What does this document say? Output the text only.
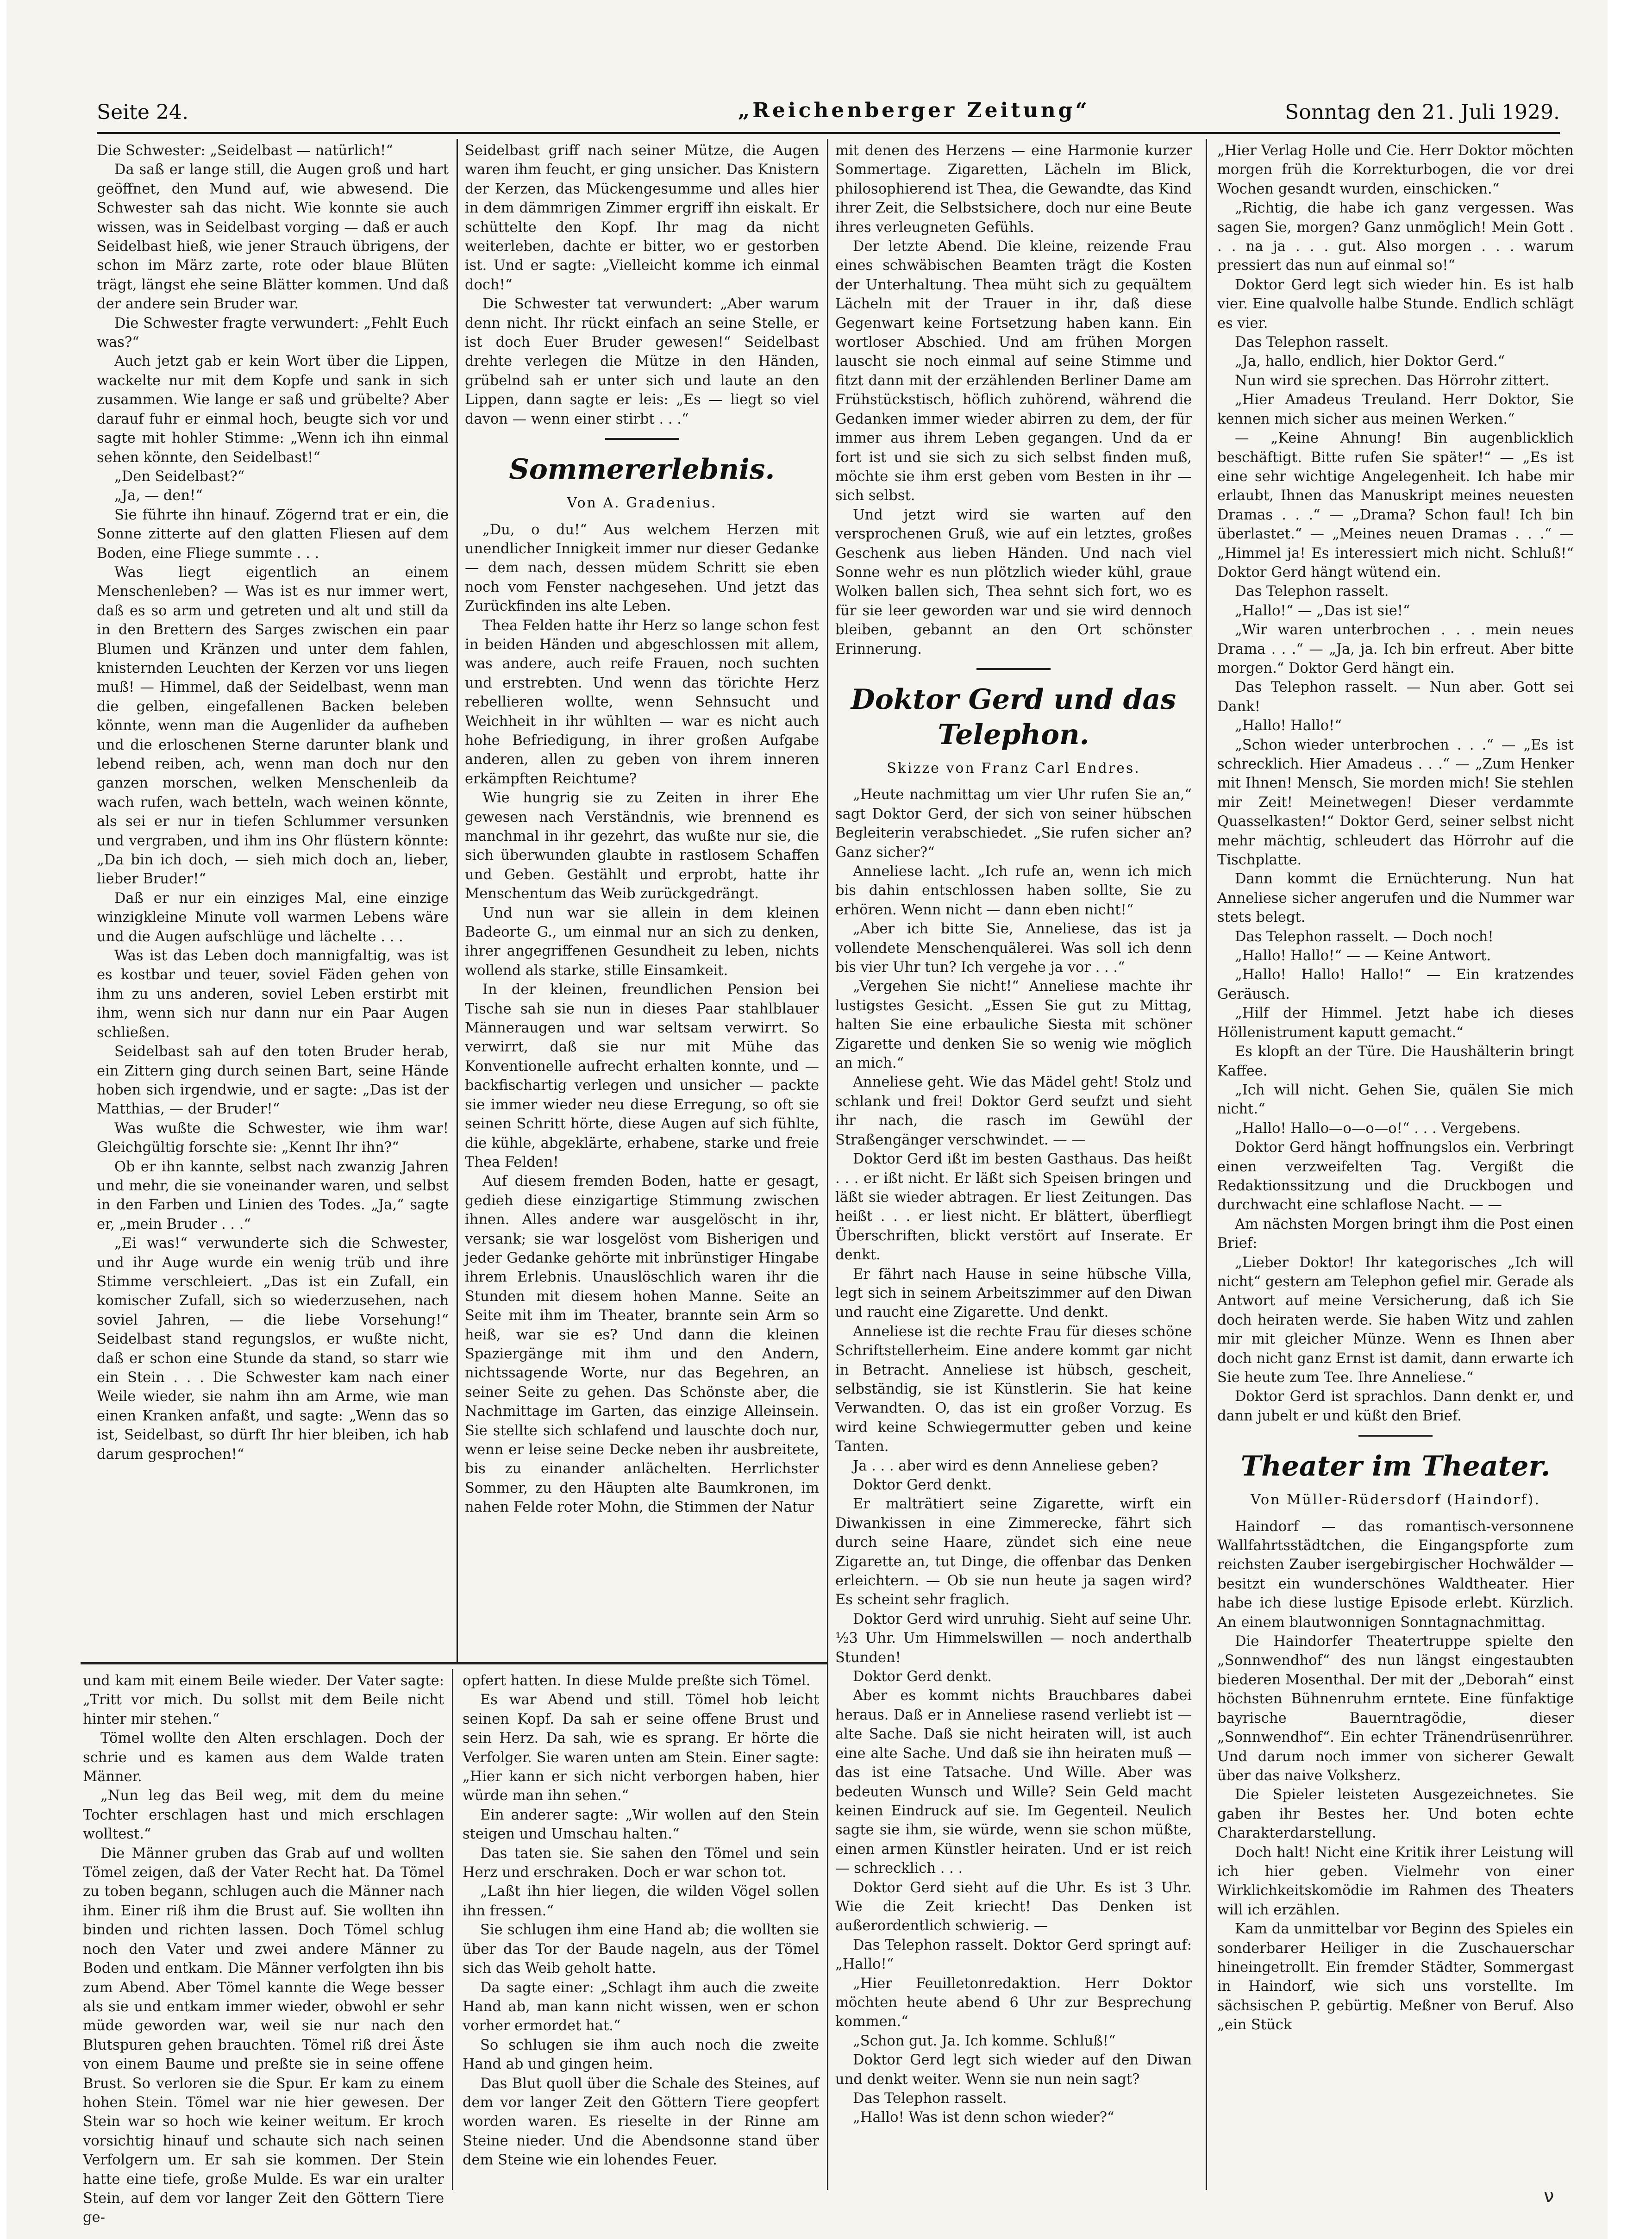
Seite 24.	„Reichenberger Zeitung“	Sonntag den 21. Juli 1929.

Die Schwester: „Seidelbast — natürlich!“

Da saß er lange still, die Augen groß und hart geöffnet, den Mund auf, wie abwesend. Die Schwester sah das nicht. Wie konnte sie auch wissen, was in Seidelbast vorging — daß er auch Seidelbast hieß, wie jener Strauch übrigens, der schon im März zarte, rote oder blaue Blüten trägt, längst ehe seine Blätter kommen. Und daß der andere sein Bruder war.

Die Schwester fragte verwundert: „Fehlt Euch was?“

Auch jetzt gab er kein Wort über die Lippen, wackelte nur mit dem Kopfe und sank in sich zusammen. Wie lange er saß und grübelte? Aber darauf fuhr er einmal hoch, beugte sich vor und sagte mit hohler Stimme: „Wenn ich ihn einmal sehen könnte, den Seidelbast!“

„Den Seidelbast?“

„Ja, — den!“

Sie führte ihn hinauf. Zögernd trat er ein, die Sonne zitterte auf den glatten Fliesen auf dem Boden, eine Fliege summte . . .

Was liegt eigentlich an einem Menschenleben? — Was ist es nur immer wert, daß es so arm und getreten und alt und still da in den Brettern des Sarges zwischen ein paar Blumen und Kränzen und unter dem fahlen, knisternden Leuchten der Kerzen vor uns liegen muß! — Himmel, daß der Seidelbast, wenn man die gelben, eingefallenen Backen beleben könnte, wenn man die Augenlider da aufheben und die erloschenen Sterne darunter blank und lebend reiben, ach, wenn man doch nur den ganzen morschen, welken Menschenleib da wach rufen, wach betteln, wach weinen könnte, als sei er nur in tiefen Schlummer versunken und vergraben, und ihm ins Ohr flüstern könnte: „Da bin ich doch, — sieh mich doch an, lieber, lieber Bruder!“

Daß er nur ein einziges Mal, eine einzige winzigkleine Minute voll warmen Lebens wäre und die Augen aufschlüge und lächelte . . .

Was ist das Leben doch mannigfaltig, was ist es kostbar und teuer, soviel Fäden gehen von ihm zu uns anderen, soviel Leben erstirbt mit ihm, wenn sich nur dann nur ein Paar Augen schließen.

Seidelbast sah auf den toten Bruder herab, ein Zittern ging durch seinen Bart, seine Hände hoben sich irgendwie, und er sagte: „Das ist der Matthias, — der Bruder!“

Was wußte die Schwester, wie ihm war! Gleichgültig forschte sie: „Kennt Ihr ihn?“

Ob er ihn kannte, selbst nach zwanzig Jahren und mehr, die sie voneinander waren, und selbst in den Farben und Linien des Todes. „Ja,“ sagte er, „mein Bruder . . .“

„Ei was!“ verwunderte sich die Schwester, und ihr Auge wurde ein wenig trüb und ihre Stimme verschleiert. „Das ist ein Zufall, ein komischer Zufall, sich so wiederzusehen, nach soviel Jahren, — die liebe Vorsehung!“ Seidelbast stand regungslos, er wußte nicht, daß er schon eine Stunde da stand, so starr wie ein Stein . . . Die Schwester kam nach einer Weile wieder, sie nahm ihn am Arme, wie man einen Kranken anfaßt, und sagte: „Wenn das so ist, Seidelbast, so dürft Ihr hier bleiben, ich hab darum gesprochen!“

Seidelbast griff nach seiner Mütze, die Augen waren ihm feucht, er ging unsicher. Das Knistern der Kerzen, das Mückengesumme und alles hier in dem dämmrigen Zimmer ergriff ihn eiskalt. Er schüttelte den Kopf. Ihr mag da nicht weiterleben, dachte er bitter, wo er gestorben ist. Und er sagte: „Vielleicht komme ich einmal doch!“

Die Schwester tat verwundert: „Aber warum denn nicht. Ihr rückt einfach an seine Stelle, er ist doch Euer Bruder gewesen!“ Seidelbast drehte verlegen die Mütze in den Händen, grübelnd sah er unter sich und laute an den Lippen, dann sagte er leis: „Es — liegt so viel davon — wenn einer stirbt . . .“

Sommererlebnis.
Von A. Gradenius.

„Du, o du!“ Aus welchem Herzen mit unendlicher Innigkeit immer nur dieser Gedanke — dem nach, dessen müdem Schritt sie eben noch vom Fenster nachgesehen. Und jetzt das Zurückfinden ins alte Leben.

Thea Felden hatte ihr Herz so lange schon fest in beiden Händen und abgeschlossen mit allem, was andere, auch reife Frauen, noch suchten und erstrebten. Und wenn das törichte Herz rebellieren wollte, wenn Sehnsucht und Weichheit in ihr wühlten — war es nicht auch hohe Befriedigung, in ihrer großen Aufgabe anderen, allen zu geben von ihrem inneren erkämpften Reichtume?

Wie hungrig sie zu Zeiten in ihrer Ehe gewesen nach Verständnis, wie brennend es manchmal in ihr gezehrt, das wußte nur sie, die sich überwunden glaubte in rastlosem Schaffen und Geben. Gestählt und erprobt, hatte ihr Menschentum das Weib zurückgedrängt.

Und nun war sie allein in dem kleinen Badeorte G., um einmal nur an sich zu denken, ihrer angegriffenen Gesundheit zu leben, nichts wollend als starke, stille Einsamkeit.

In der kleinen, freundlichen Pension bei Tische sah sie nun in dieses Paar stahlblauer Männeraugen und war seltsam verwirrt. So verwirrt, daß sie nur mit Mühe das Konventionelle aufrecht erhalten konnte, und — backfischartig verlegen und unsicher — packte sie immer wieder neu diese Erregung, so oft sie seinen Schritt hörte, diese Augen auf sich fühlte, die kühle, abgeklärte, erhabene, starke und freie Thea Felden!

Auf diesem fremden Boden, hatte er gesagt, gedieh diese einzigartige Stimmung zwischen ihnen. Alles andere war ausgelöscht in ihr, versank; sie war losgelöst vom Bisherigen und jeder Gedanke gehörte mit inbrünstiger Hingabe ihrem Erlebnis. Unauslöschlich waren ihr die Stunden mit diesem hohen Manne. Seite an Seite mit ihm im Theater, brannte sein Arm so heiß, war sie es? Und dann die kleinen Spaziergänge mit ihm und den Andern, nichtssagende Worte, nur das Begehren, an seiner Seite zu gehen. Das Schönste aber, die Nachmittage im Garten, das einzige Alleinsein. Sie stellte sich schlafend und lauschte doch nur, wenn er leise seine Decke neben ihr ausbreitete, bis zu einander anlächelten. Herrlichster Sommer, zu den Häupten alte Baumkronen, im nahen Felde roter Mohn, die Stimmen der Natur

mit denen des Herzens — eine Harmonie kurzer Sommertage. Zigaretten, Lächeln im Blick, philosophierend ist Thea, die Gewandte, das Kind ihrer Zeit, die Selbstsichere, doch nur eine Beute ihres verleugneten Gefühls.

Der letzte Abend. Die kleine, reizende Frau eines schwäbischen Beamten trägt die Kosten der Unterhaltung. Thea müht sich zu gequältem Lächeln mit der Trauer in ihr, daß diese Gegenwart keine Fortsetzung haben kann. Ein wortloser Abschied. Und am frühen Morgen lauscht sie noch einmal auf seine Stimme und fitzt dann mit der erzählenden Berliner Dame am Frühstückstisch, höflich zuhörend, während die Gedanken immer wieder abirren zu dem, der für immer aus ihrem Leben gegangen. Und da er fort ist und sie sich zu sich selbst finden muß, möchte sie ihm erst geben vom Besten in ihr — sich selbst.

Und jetzt wird sie warten auf den versprochenen Gruß, wie auf ein letztes, großes Geschenk aus lieben Händen. Und nach viel Sonne wehr es nun plötzlich wieder kühl, graue Wolken ballen sich, Thea sehnt sich fort, wo es für sie leer geworden war und sie wird dennoch bleiben, gebannt an den Ort schönster Erinnerung.

Doktor Gerd und das Telephon.
Skizze von Franz Carl Endres.

„Heute nachmittag um vier Uhr rufen Sie an,“ sagt Doktor Gerd, der sich von seiner hübschen Begleiterin verabschiedet. „Sie rufen sicher an? Ganz sicher?“

Anneliese lacht. „Ich rufe an, wenn ich mich bis dahin entschlossen haben sollte, Sie zu erhören. Wenn nicht — dann eben nicht!“

„Aber ich bitte Sie, Anneliese, das ist ja vollendete Menschenquälerei. Was soll ich denn bis vier Uhr tun? Ich vergehe ja vor . . .“

„Vergehen Sie nicht!“ Anneliese machte ihr lustigstes Gesicht. „Essen Sie gut zu Mittag, halten Sie eine erbauliche Siesta mit schöner Zigarette und denken Sie so wenig wie möglich an mich.“

Anneliese geht. Wie das Mädel geht! Stolz und schlank und frei! Doktor Gerd seufzt und sieht ihr nach, die rasch im Gewühl der Straßengänger verschwindet. — —

Doktor Gerd ißt im besten Gasthaus. Das heißt . . . er ißt nicht. Er läßt sich Speisen bringen und läßt sie wieder abtragen. Er liest Zeitungen. Das heißt . . . er liest nicht. Er blättert, überfliegt Überschriften, blickt verstört auf Inserate. Er denkt.

Er fährt nach Hause in seine hübsche Villa, legt sich in seinem Arbeitszimmer auf den Diwan und raucht eine Zigarette. Und denkt.

Anneliese ist die rechte Frau für dieses schöne Schriftstellerheim. Eine andere kommt gar nicht in Betracht. Anneliese ist hübsch, gescheit, selbständig, sie ist Künstlerin. Sie hat keine Verwandten. O, das ist ein großer Vorzug. Es wird keine Schwiegermutter geben und keine Tanten.

Ja . . . aber wird es denn Anneliese geben?

Doktor Gerd denkt.

Er malträtiert seine Zigarette, wirft ein Diwankissen in eine Zimmerecke, fährt sich durch seine Haare, zündet sich eine neue Zigarette an, tut Dinge, die offenbar das Denken erleichtern. — Ob sie nun heute ja sagen wird? Es scheint sehr fraglich.

Doktor Gerd wird unruhig. Sieht auf seine Uhr. ½3 Uhr. Um Himmelswillen — noch anderthalb Stunden!

Doktor Gerd denkt.

Aber es kommt nichts Brauchbares dabei heraus. Daß er in Anneliese rasend verliebt ist — alte Sache. Daß sie nicht heiraten will, ist auch eine alte Sache. Und daß sie ihn heiraten muß — das ist eine Tatsache. Und Wille. Aber was bedeuten Wunsch und Wille? Sein Geld macht keinen Eindruck auf sie. Im Gegenteil. Neulich sagte sie ihm, sie würde, wenn sie schon müßte, einen armen Künstler heiraten. Und er ist reich — schrecklich . . .

Doktor Gerd sieht auf die Uhr. Es ist 3 Uhr. Wie die Zeit kriecht! Das Denken ist außerordentlich schwierig. —

Das Telephon rasselt. Doktor Gerd springt auf: „Hallo!“

„Hier Feuilletonredaktion. Herr Doktor möchten heute abend 6 Uhr zur Besprechung kommen.“

„Schon gut. Ja. Ich komme. Schluß!“

Doktor Gerd legt sich wieder auf den Diwan und denkt weiter. Wenn sie nun nein sagt?

Das Telephon rasselt.

„Hallo! Was ist denn schon wieder?“

„Hier Verlag Holle und Cie. Herr Doktor möchten morgen früh die Korrekturbogen, die vor drei Wochen gesandt wurden, einschicken.“

„Richtig, die habe ich ganz vergessen. Was sagen Sie, morgen? Ganz unmöglich! Mein Gott . . . na ja . . . gut. Also morgen . . . warum pressiert das nun auf einmal so!“

Doktor Gerd legt sich wieder hin. Es ist halb vier. Eine qualvolle halbe Stunde. Endlich schlägt es vier.

Das Telephon rasselt.

„Ja, hallo, endlich, hier Doktor Gerd.“

Nun wird sie sprechen. Das Hörrohr zittert.

„Hier Amadeus Treuland. Herr Doktor, Sie kennen mich sicher aus meinen Werken.“

— „Keine Ahnung! Bin augenblicklich beschäftigt. Bitte rufen Sie später!“ — „Es ist eine sehr wichtige Angelegenheit. Ich habe mir erlaubt, Ihnen das Manuskript meines neuesten Dramas . . .“ — „Drama? Schon faul! Ich bin überlastet.“ — „Meines neuen Dramas . . .“ — „Himmel ja! Es interessiert mich nicht. Schluß!“ Doktor Gerd hängt wütend ein.

Das Telephon rasselt.

„Hallo!“ — „Das ist sie!“

„Wir waren unterbrochen . . . mein neues Drama . . .“ — „Ja, ja. Ich bin erfreut. Aber bitte morgen.“ Doktor Gerd hängt ein.

Das Telephon rasselt. — Nun aber. Gott sei Dank!

„Hallo! Hallo!“

„Schon wieder unterbrochen . . .“ — „Es ist schrecklich. Hier Amadeus . . .“ — „Zum Henker mit Ihnen! Mensch, Sie morden mich! Sie stehlen mir Zeit! Meinetwegen! Dieser verdammte Quasselkasten!“ Doktor Gerd, seiner selbst nicht mehr mächtig, schleudert das Hörrohr auf die Tischplatte.

Dann kommt die Ernüchterung. Nun hat Anneliese sicher angerufen und die Nummer war stets belegt.

Das Telephon rasselt. — Doch noch!

„Hallo! Hallo!“ — — Keine Antwort.

„Hallo! Hallo! Hallo!“ — Ein kratzendes Geräusch.

„Hilf der Himmel. Jetzt habe ich dieses Höllenistrument kaputt gemacht.“

Es klopft an der Türe. Die Haushälterin bringt Kaffee.

„Ich will nicht. Gehen Sie, quälen Sie mich nicht.“

„Hallo! Hallo—o—o—o!“ . . . Vergebens.

Doktor Gerd hängt hoffnungslos ein. Verbringt einen verzweifelten Tag. Vergißt die Redaktionssitzung und die Druckbogen und durchwacht eine schlaflose Nacht. — —

Am nächsten Morgen bringt ihm die Post einen Brief:

„Lieber Doktor! Ihr kategorisches „Ich will nicht“ gestern am Telephon gefiel mir. Gerade als Antwort auf meine Versicherung, daß ich Sie doch heiraten werde. Sie haben Witz und zahlen mir mit gleicher Münze. Wenn es Ihnen aber doch nicht ganz Ernst ist damit, dann erwarte ich Sie heute zum Tee. Ihre Anneliese.“

Doktor Gerd ist sprachlos. Dann denkt er, und dann jubelt er und küßt den Brief.

Theater im Theater.
Von Müller-Rüdersdorf (Haindorf).

Haindorf — das romantisch-versonnene Wallfahrtsstädtchen, die Eingangspforte zum reichsten Zauber isergebirgischer Hochwälder — besitzt ein wunderschönes Waldtheater. Hier habe ich diese lustige Episode erlebt. Kürzlich. An einem blautwonnigen Sonntagnachmittag.

Die Haindorfer Theatertruppe spielte den „Sonnwendhof“ des nun längst eingestaubten biederen Mosenthal. Der mit der „Deborah“ einst höchsten Bühnenruhm erntete. Eine fünfaktige bayrische Bauerntragödie, dieser „Sonnwendhof“. Ein echter Tränendrüsenrührer. Und darum noch immer von sicherer Gewalt über das naive Volksherz.

Die Spieler leisteten Ausgezeichnetes. Sie gaben ihr Bestes her. Und boten echte Charakterdarstellung.

Doch halt! Nicht eine Kritik ihrer Leistung will ich hier geben. Vielmehr von einer Wirklichkeitskomödie im Rahmen des Theaters will ich erzählen.

Kam da unmittelbar vor Beginn des Spieles ein sonderbarer Heiliger in die Zuschauerschar hineingetrollt. Ein fremder Städter, Sommergast in Haindorf, wie sich uns vorstellte. Im sächsischen P. gebürtig. Meßner von Beruf. Also „ein Stück

und kam mit einem Beile wieder. Der Vater sagte: „Tritt vor mich. Du sollst mit dem Beile nicht hinter mir stehen.“

Tömel wollte den Alten erschlagen. Doch der schrie und es kamen aus dem Walde traten Männer.

„Nun leg das Beil weg, mit dem du meine Tochter erschlagen hast und mich erschlagen wolltest.“

Die Männer gruben das Grab auf und wollten Tömel zeigen, daß der Vater Recht hat. Da Tömel zu toben begann, schlugen auch die Männer nach ihm. Einer riß ihm die Brust auf. Sie wollten ihn binden und richten lassen. Doch Tömel schlug noch den Vater und zwei andere Männer zu Boden und entkam. Die Männer verfolgten ihn bis zum Abend. Aber Tömel kannte die Wege besser als sie und entkam immer wieder, obwohl er sehr müde geworden war, weil sie nur nach den Blutspuren gehen brauchten. Tömel riß drei Äste von einem Baume und preßte sie in seine offene Brust. So verloren sie die Spur. Er kam zu einem hohen Stein. Tömel war nie hier gewesen. Der Stein war so hoch wie keiner weitum. Er kroch vorsichtig hinauf und schaute sich nach seinen Verfolgern um. Er sah sie kommen. Der Stein hatte eine tiefe, große Mulde. Es war ein uralter Stein, auf dem vor langer Zeit den Göttern Tiere ge-

opfert hatten. In diese Mulde preßte sich Tömel.

Es war Abend und still. Tömel hob leicht seinen Kopf. Da sah er seine offene Brust und sein Herz. Da sah, wie es sprang. Er hörte die Verfolger. Sie waren unten am Stein. Einer sagte: „Hier kann er sich nicht verborgen haben, hier würde man ihn sehen.“

Ein anderer sagte: „Wir wollen auf den Stein steigen und Umschau halten.“

Das taten sie. Sie sahen den Tömel und sein Herz und erschraken. Doch er war schon tot.

„Laßt ihn hier liegen, die wilden Vögel sollen ihn fressen.“

Sie schlugen ihm eine Hand ab; die wollten sie über das Tor der Baude nageln, aus der Tömel sich das Weib geholt hatte.

Da sagte einer: „Schlagt ihm auch die zweite Hand ab, man kann nicht wissen, wen er schon vorher ermordet hat.“

So schlugen sie ihm auch noch die zweite Hand ab und gingen heim.

Das Blut quoll über die Schale des Steines, auf dem vor langer Zeit den Göttern Tiere geopfert worden waren. Es rieselte in der Rinne am Steine nieder. Und die Abendsonne stand über dem Steine wie ein lohendes Feuer.

ν
